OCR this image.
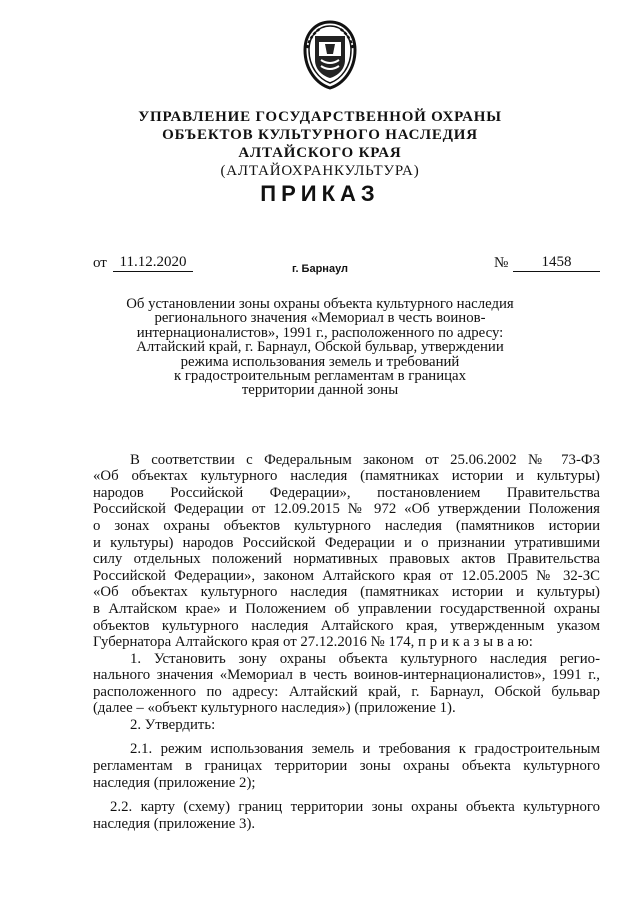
УПРАВЛЕНИЕ ГОСУДАРСТВЕННОЙ ОХРАНЫ
ОБЪЕКТОВ КУЛЬТУРНОГО НАСЛЕДИЯ
АЛТАЙСКОГО КРАЯ
(АЛТАЙОХРАНКУЛЬТУРА)
ПРИКАЗ
от 11.12.2020	№	1458
г. Барнаул
Об установлении зоны охраны объекта культурного наследия
регионального значения «Мемориал в честь воинов-
интернационалистов», 1991 г., расположенного по адресу:
Алтайский край, г. Барнаул, Обской бульвар, утверждении
режима использования земель и требований
к градостроительным регламентам в границах
территории данной зоны
В соответствии с Федеральным законом от 25.06.2002 № 73-ФЗ
«Об объектах культурного наследия (памятниках истории и культуры)
народов Российской Федерации», постановлением Правительства
Российской Федерации от 12.09.2015 № 972 «Об утверждении Положения
о зонах охраны объектов культурного наследия (памятников истории
и культуры) народов Российской Федерации и о признании утратившими
силу отдельных положений нормативных правовых актов Правительства
Российской Федерации», законом Алтайского края от 12.05.2005 № 32-ЗС
«Об объектах культурного наследия (памятниках истории и культуры)
в Алтайском крае» и Положением об управлении государственной охраны
объектов культурного наследия Алтайского края, утвержденным указом
Губернатора Алтайского края от 27.12.2016 № 174, п р и к а з ы в а ю:
1. Установить зону охраны объекта культурного наследия регио-
нального значения «Мемориал в честь воинов-интернационалистов», 1991 г.,
расположенного по адресу: Алтайский край, г. Барнаул, Обской бульвар
(далее – «объект культурного наследия») (приложение 1).
2. Утвердить:
2.1. режим использования земель и требования к градостроительным
регламентам в границах территории зоны охраны объекта культурного
наследия (приложение 2);
2.2. карту (схему) границ территории зоны охраны объекта культурного
наследия (приложение 3).
